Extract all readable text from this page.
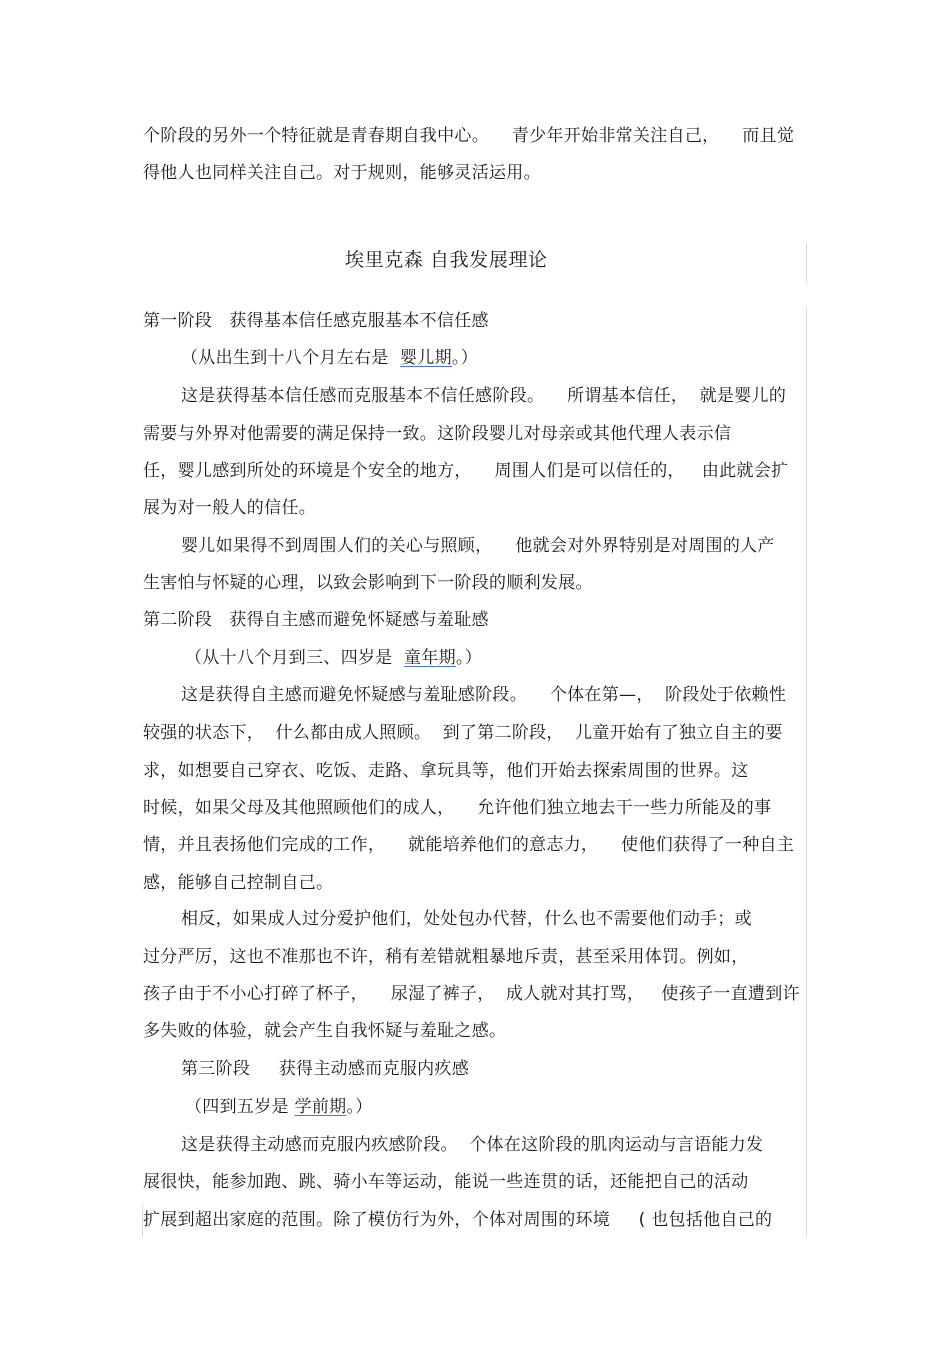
个阶段的另外一个特征就是青春期自我中心。    青少年开始非常关注自己，    而且觉
得他人也同样关注自己。对于规则，能够灵活运用。
埃里克森 自我发展理论
第一阶段   获得基本信任感克服基本不信任感
（从出生到十八个月左右是  婴儿期。）
这是获得基本信任感而克服基本不信任感阶段。    所谓基本信任，  就是婴儿的
需要与外界对他需要的满足保持一致。这阶段婴儿对母亲或其他代理人表示信
任，婴儿感到所处的环境是个安全的地方，    周围人们是可以信任的，   由此就会扩
展为对一般人的信任。
婴儿如果得不到周围人们的关心与照顾，    他就会对外界特别是对周围的人产
生害怕与怀疑的心理，以致会影响到下一阶段的顺利发展。
第二阶段   获得自主感而避免怀疑感与羞耻感
（从十八个月到三、四岁是  童年期。）
这是获得自主感而避免怀疑感与羞耻感阶段。    个体在第—，  阶段处于依赖性
较强的状态下，  什么都由成人照顾。  到了第二阶段，  儿童开始有了独立自主的要
求，如想要自己穿衣、吃饭、走路、拿玩具等，他们开始去探索周围的世界。这
时候，如果父母及其他照顾他们的成人，    允许他们独立地去干一些力所能及的事
情，并且表扬他们完成的工作，    就能培养他们的意志力，    使他们获得了一种自主
感，能够自己控制自己。
相反，如果成人过分爱护他们，处处包办代替，什么也不需要他们动手；或
过分严厉，这也不准那也不许，稍有差错就粗暴地斥责，甚至采用体罚。例如，
孩子由于不小心打碎了杯子，    尿湿了裤子，  成人就对其打骂，   使孩子一直遭到许
多失败的体验，就会产生自我怀疑与羞耻之感。
第三阶段     获得主动感而克服内疚感
（四到五岁是 学前期。）
这是获得主动感而克服内疚感阶段。  个体在这阶段的肌肉运动与言语能力发
展很快，能参加跑、跳、骑小车等运动，能说一些连贯的话，还能把自己的活动
扩展到超出家庭的范围。除了模仿行为外，个体对周围的环境     ( 也包括他自己的
